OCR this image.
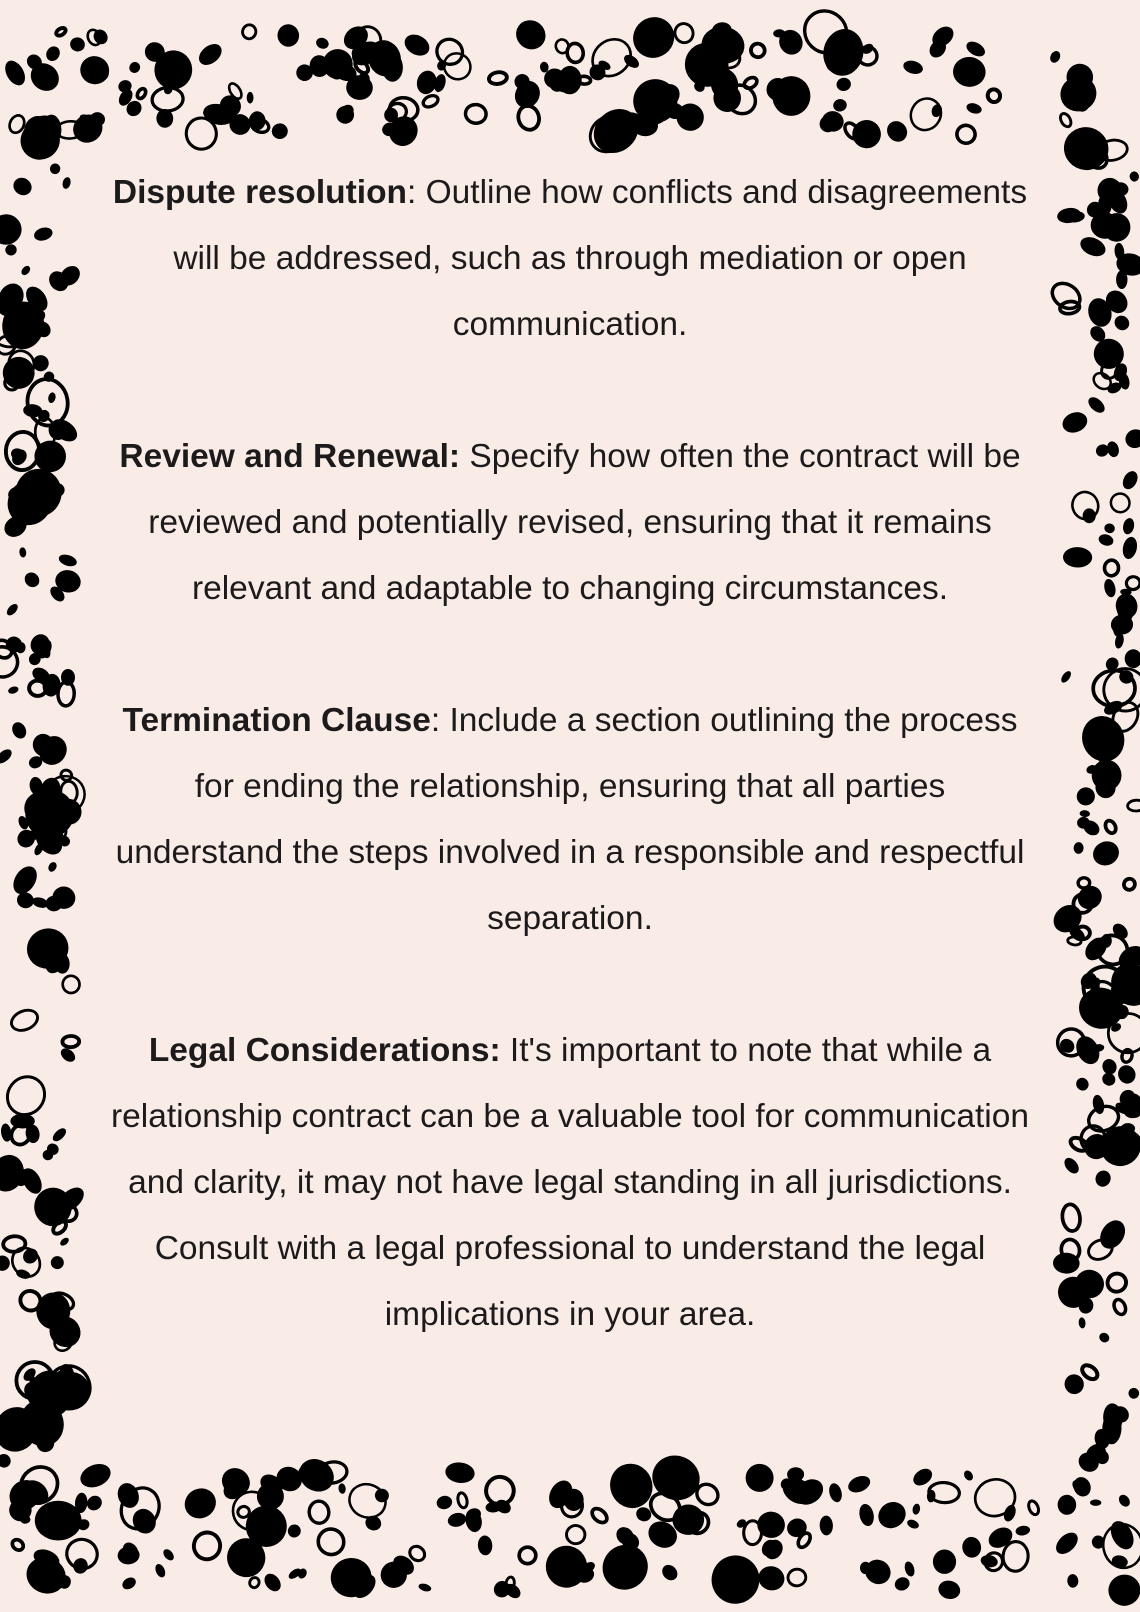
Dispute resolution: Outline how conflicts and disagreements will be addressed, such as through mediation or open communication.

Review and Renewal: Specify how often the contract will be reviewed and potentially revised, ensuring that it remains relevant and adaptable to changing circumstances.

Termination Clause: Include a section outlining the process for ending the relationship, ensuring that all parties understand the steps involved in a responsible and respectful separation.

Legal Considerations: It's important to note that while a relationship contract can be a valuable tool for communication and clarity, it may not have legal standing in all jurisdictions. Consult with a legal professional to understand the legal implications in your area.
